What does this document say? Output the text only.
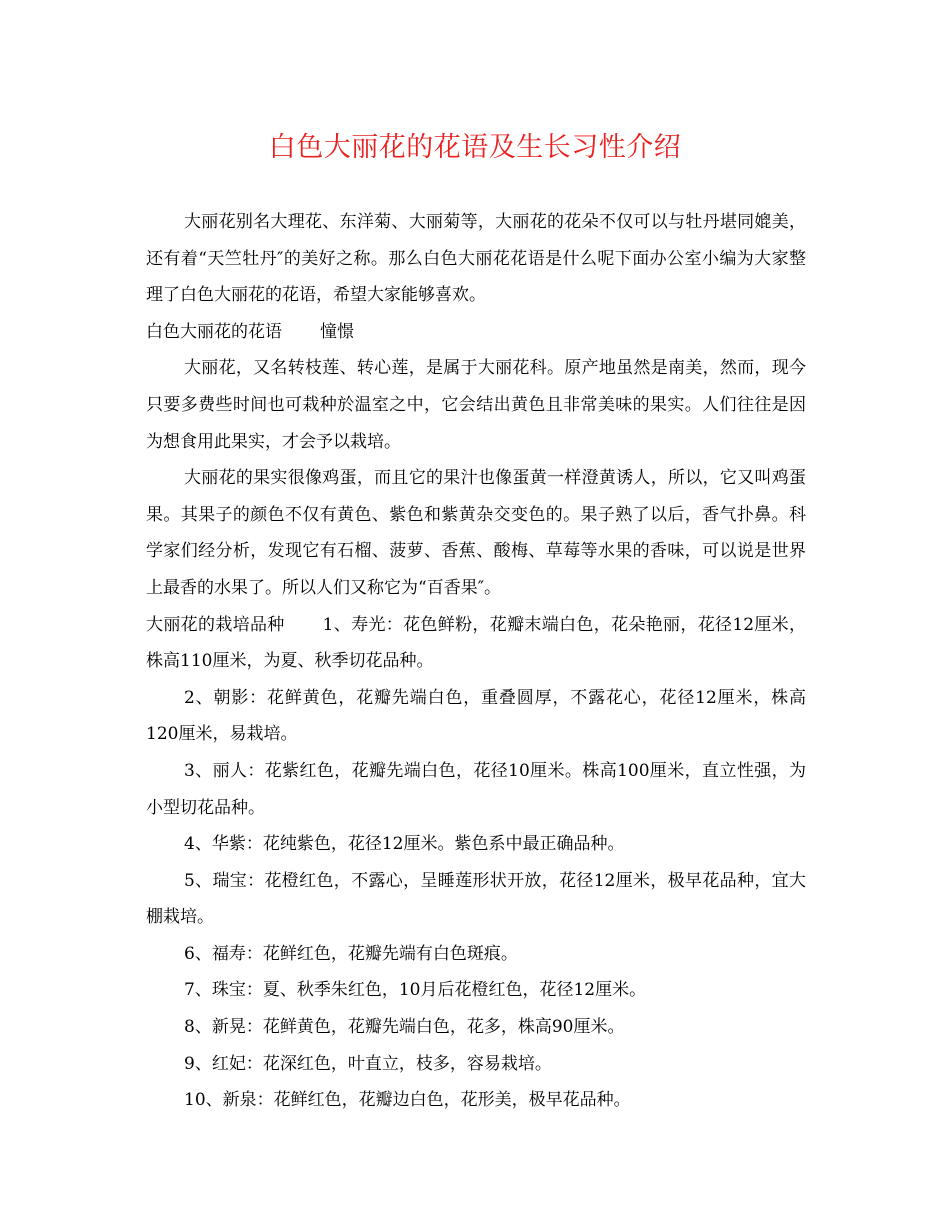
白色大丽花的花语及生长习性介绍

大丽花别名大理花、东洋菊、大丽菊等，大丽花的花朵不仅可以与牡丹堪同媲美，还有着“天竺牡丹″的美好之称。那么白色大丽花花语是什么呢下面办公室小编为大家整理了白色大丽花的花语，希望大家能够喜欢。

白色大丽花的花语 憧憬

大丽花，又名转枝莲、转心莲，是属于大丽花科。原产地虽然是南美，然而，现今只要多费些时间也可栽种於温室之中，它会结出黄色且非常美味的果实。人们往往是因为想食用此果实，才会予以栽培。

大丽花的果实很像鸡蛋，而且它的果汁也像蛋黄一样澄黄诱人，所以，它又叫鸡蛋果。其果子的颜色不仅有黄色、紫色和紫黄杂交变色的。果子熟了以后，香气扑鼻。科学家们经分析，发现它有石榴、菠萝、香蕉、酸梅、草莓等水果的香味，可以说是世界上最香的水果了。所以人们又称它为“百香果″。

大丽花的栽培品种 1、寿光：花色鲜粉，花瓣末端白色，花朵艳丽，花径12厘米，株高110厘米，为夏、秋季切花品种。

2、朝影：花鲜黄色，花瓣先端白色，重叠圆厚，不露花心，花径12厘米，株高120厘米，易栽培。

3、丽人：花紫红色，花瓣先端白色，花径10厘米。株高100厘米，直立性强，为小型切花品种。

4、华紫：花纯紫色，花径12厘米。紫色系中最正确品种。

5、瑞宝：花橙红色，不露心，呈睡莲形状开放，花径12厘米，极早花品种，宜大棚栽培。

6、福寿：花鲜红色，花瓣先端有白色斑痕。

7、珠宝：夏、秋季朱红色，10月后花橙红色，花径12厘米。

8、新晃：花鲜黄色，花瓣先端白色，花多，株高90厘米。

9、红妃：花深红色，叶直立，枝多，容易栽培。

10、新泉：花鲜红色，花瓣边白色，花形美，极早花品种。
